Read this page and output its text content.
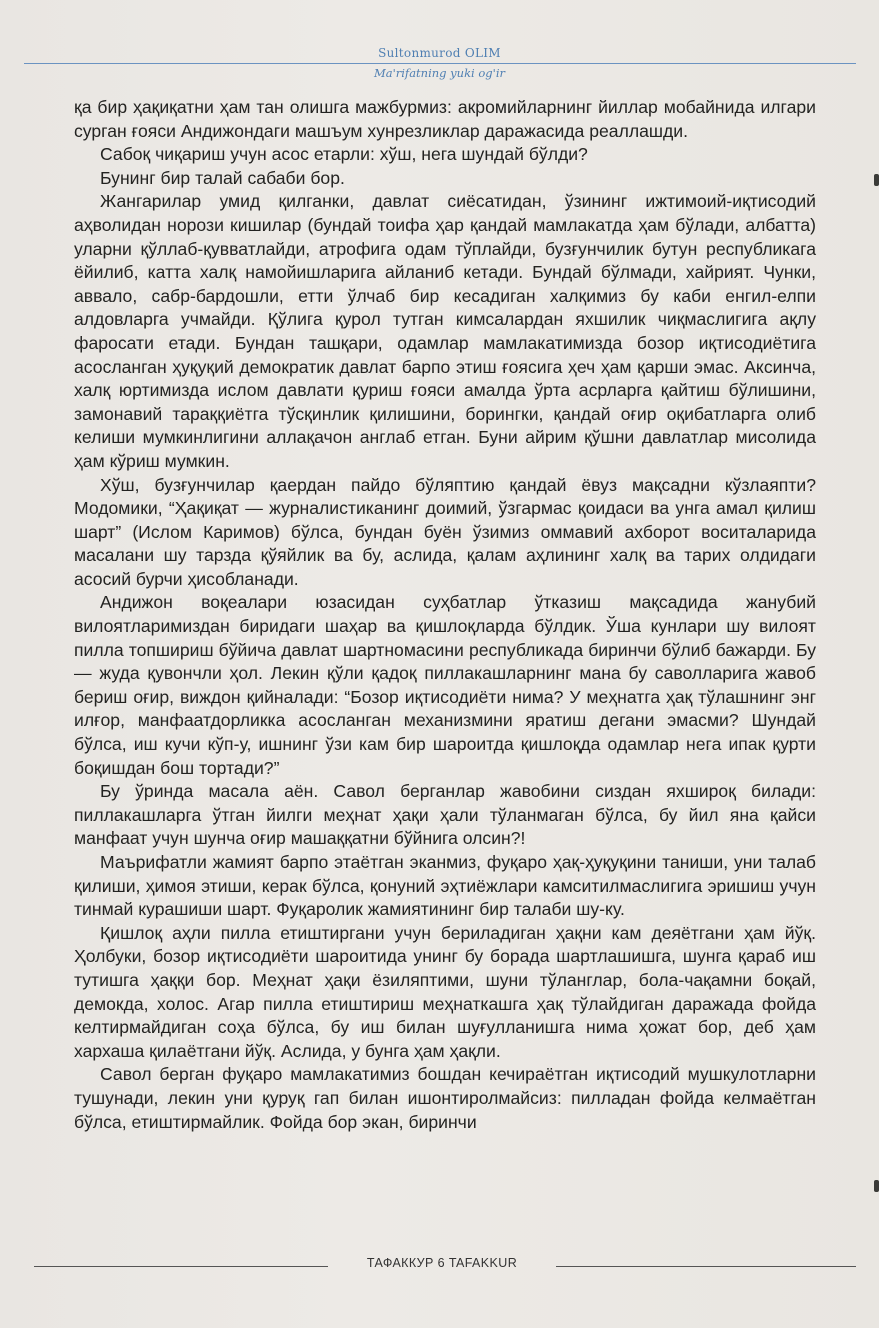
Sultonmurod OLIM
Ma'rifatning yuki og'ir

қа бир ҳақиқатни ҳам тан олишга мажбурмиз: акромийларнинг йиллар мобайнида илгари сурган ғояси Андижондаги машъум хунрезликлар даражасида реаллашди.

Сабоқ чиқариш учун асос етарли: хўш, нега шундай бўлди?

Бунинг бир талай сабаби бор.

Жангарилар умид қилганки, давлат сиёсатидан, ўзининг ижтимоий-иқтисодий аҳволидан норози кишилар (бундай тоифа ҳар қандай мамлакатда ҳам бўлади, албатта) уларни қўллаб-қувватлайди, атрофига одам тўплайди, бузғунчилик бутун республикага ёйилиб, катта халқ намойишларига айланиб кетади. Бундай бўлмади, хайрият. Чунки, аввало, сабр-бардошли, етти ўлчаб бир кесадиган халқимиз бу каби енгил-елпи алдовларга учмайди. Қўлига қурол тутган кимсалардан яхшилик чиқмаслигига ақлу фаросати етади. Бундан ташқари, одамлар мамлакатимизда бозор иқтисодиётига асосланган ҳуқуқий демократик давлат барпо этиш ғоясига ҳеч ҳам қарши эмас. Аксинча, халқ юртимизда ислом давлати қуриш ғояси амалда ўрта асрларга қайтиш бўлишини, замонавий тараққиётга тўсқинлик қилишини, борингки, қандай оғир оқибатларга олиб келиши мумкинлигини аллақачон англаб етган. Буни айрим қўшни давлатлар мисолида ҳам кўриш мумкин.

Хўш, бузғунчилар қаердан пайдо бўляптию қандай ёвуз мақсадни кўзлаяпти? Модомики, “Ҳақиқат — журналистиканинг доимий, ўзгармас қоидаси ва унга амал қилиш шарт” (Ислом Каримов) бўлса, бундан буён ўзимиз оммавий ахборот воситаларида масалани шу тарзда қўяйлик ва бу, аслида, қалам аҳлининг халқ ва тарих олдидаги асосий бурчи ҳисобланади.

Андижон воқеалари юзасидан суҳбатлар ўтказиш мақсадида жанубий вилоятларимиздан биридаги шаҳар ва қишлоқларда бўлдик. Ўша кунлари шу вилоят пилла топшириш бўйича давлат шартномасини республикада биринчи бўлиб бажарди. Бу — жуда қувончли ҳол. Лекин қўли қадоқ пиллакашларнинг мана бу саволларига жавоб бериш оғир, виждон қийналади: “Бозор иқтисодиёти нима? У меҳнатга ҳақ тўлашнинг энг илғор, манфаатдорликка асосланган механизмини яратиш дегани эмасми? Шундай бўлса, иш кучи кўп-у, ишнинг ўзи кам бир шароитда қишлоқда одамлар нега ипак қурти боқишдан бош тортади?”

Бу ўринда масала аён. Савол берганлар жавобини сиздан яхшироқ билади: пиллакашларга ўтган йилги меҳнат ҳақи ҳали тўланмаган бўлса, бу йил яна қайси манфаат учун шунча оғир машаққатни бўйнига олсин?!

Маърифатли жамият барпо этаётган эканмиз, фуқаро ҳақ-ҳуқуқини таниши, уни талаб қилиши, ҳимоя этиши, керак бўлса, қонуний эҳтиёжлари камситилмаслигига эришиш учун тинмай курашиши шарт. Фуқаролик жамиятининг бир талаби шу-ку.

Қишлоқ аҳли пилла етиштиргани учун бериладиган ҳақни кам деяётгани ҳам йўқ. Ҳолбуки, бозор иқтисодиёти шароитида унинг бу борада шартлашишга, шунга қараб иш тутишга ҳаққи бор. Меҳнат ҳақи ёзиляптими, шуни тўланглар, бола-чақамни боқай, демокда, холос. Агар пилла етиштириш меҳнаткашга ҳақ тўлайдиган даражада фойда келтирмайдиган соҳа бўлса, бу иш билан шуғулланишга нима ҳожат бор, деб ҳам хархаша қилаётгани йўқ. Аслида, у бунга ҳам ҳақли.

Савол берган фуқаро мамлакатимиз бошдан кечираётган иқтисодий мушкулотларни тушунади, лекин уни қуруқ гап билан ишонтиролмайсиз: пилладан фойда келмаётган бўлса, етиштирмайлик. Фойда бор экан, биринчи

ТАФАККУР 6 TAFAKKUR
